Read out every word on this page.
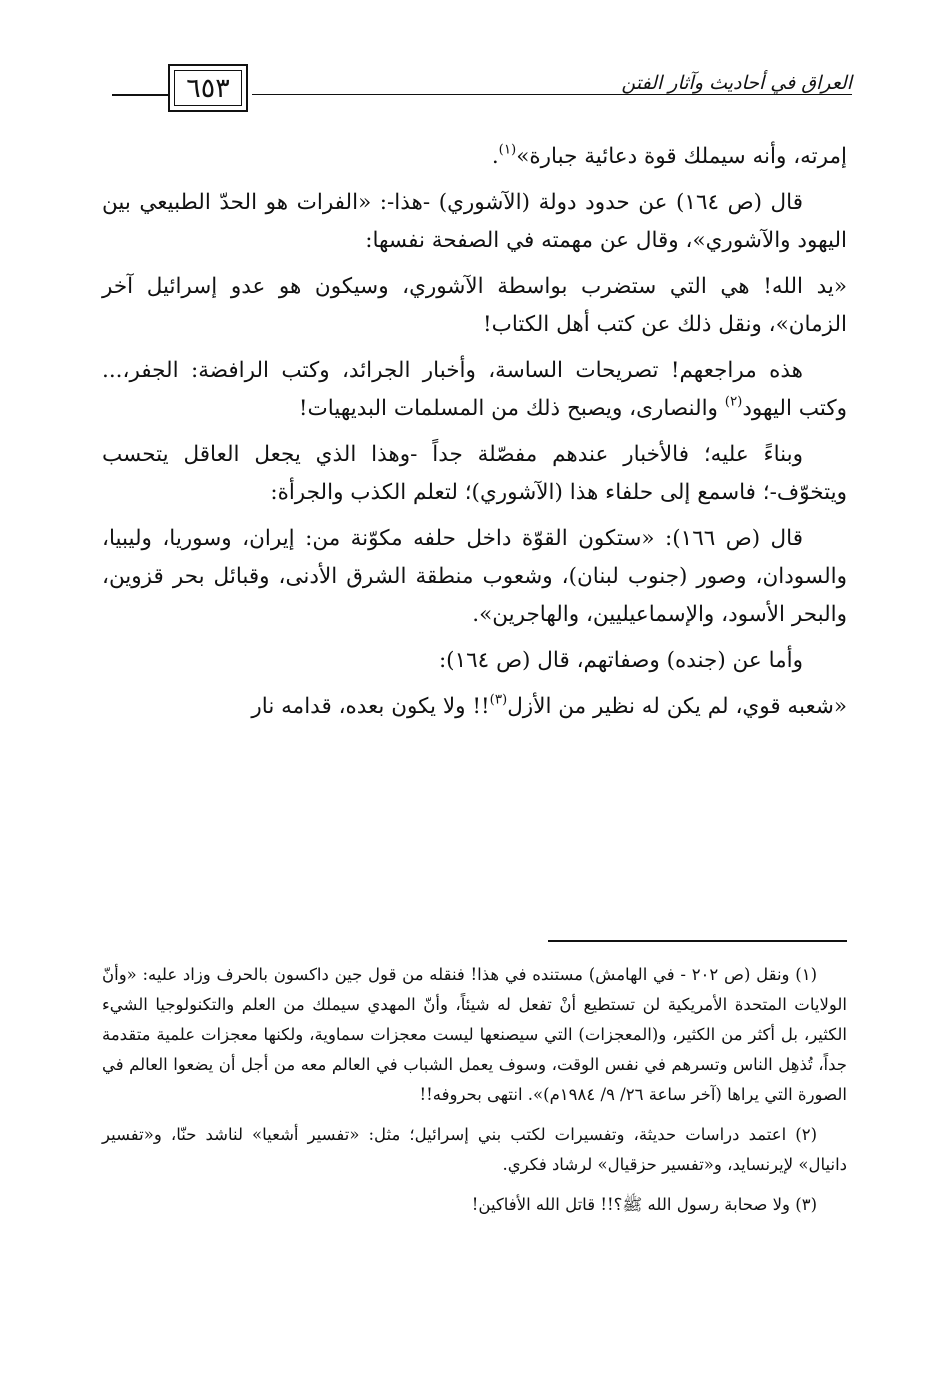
٦٥٣	العراق في أحاديث وآثار الفتن

إمرته، وأنه سيملك قوة دعائية جبارة»$^{(١)}$.

قال (ص ١٦٤) عن حدود دولة (الآشوري) -هذا-: «الفرات هو الحدّ الطبيعي بين اليهود والآشوري»، وقال عن مهمته في الصفحة نفسها:

«يد الله! هي التي ستضرب بواسطة الآشوري، وسيكون هو عدو إسرائيل آخر الزمان»، ونقل ذلك عن كتب أهل الكتاب!

هذه مراجعهم! تصريحات الساسة، وأخبار الجرائد، وكتب الرافضة: الجفر،... وكتب اليهود$^{(٢)}$ والنصارى، ويصبح ذلك من المسلمات البديهيات!

وبناءً عليه؛ فالأخبار عندهم مفصّلة جداً -وهذا الذي يجعل العاقل يتحسب ويتخوّف-؛ فاسمع إلى حلفاء هذا (الآشوري)؛ لتعلم الكذب والجرأة:

قال (ص ١٦٦): «ستكون القوّة داخل حلفه مكوّنة من: إيران، وسوريا، وليبيا، والسودان، وصور (جنوب لبنان)، وشعوب منطقة الشرق الأدنى، وقبائل بحر قزوين، والبحر الأسود، والإسماعيليين، والهاجرين».

وأما عن (جنده) وصفاتهم، قال (ص ١٦٤):

«شعبه قوي، لم يكن له نظير من الأزل$^{(٣)}$!! ولا يكون بعده، قدامه نار

(١) ونقل (ص ٢٠٢ - في الهامش) مستنده في هذا! فنقله من قول جين داكسون بالحرف وزاد عليه: «وأنّ الولايات المتحدة الأمريكية لن تستطيع أنْ تفعل له شيئاً، وأنّ المهدي سيملك من العلم والتكنولوجيا الشيء الكثير، بل أكثر من الكثير، و(المعجزات) التي سيصنعها ليست معجزات سماوية، ولكنها معجزات علمية متقدمة جداً، تُذهِل الناس وتسرهم في نفس الوقت، وسوف يعمل الشباب في العالم معه من أجل أن يضعوا العالم في الصورة التي يراها (آخر ساعة ٢٦/ ٩/ ١٩٨٤م)». انتهى بحروفه!!

(٢) اعتمد دراسات حديثة، وتفسيرات لكتب بني إسرائيل؛ مثل: «تفسير أشعيا» لناشد حنّا، و«تفسير دانيال» لإيرنسايد، و«تفسير حزقيال» لرشاد فكري.

(٣) ولا صحابة رسول الله ﷺ؟!! قاتل الله الأفاكين!
